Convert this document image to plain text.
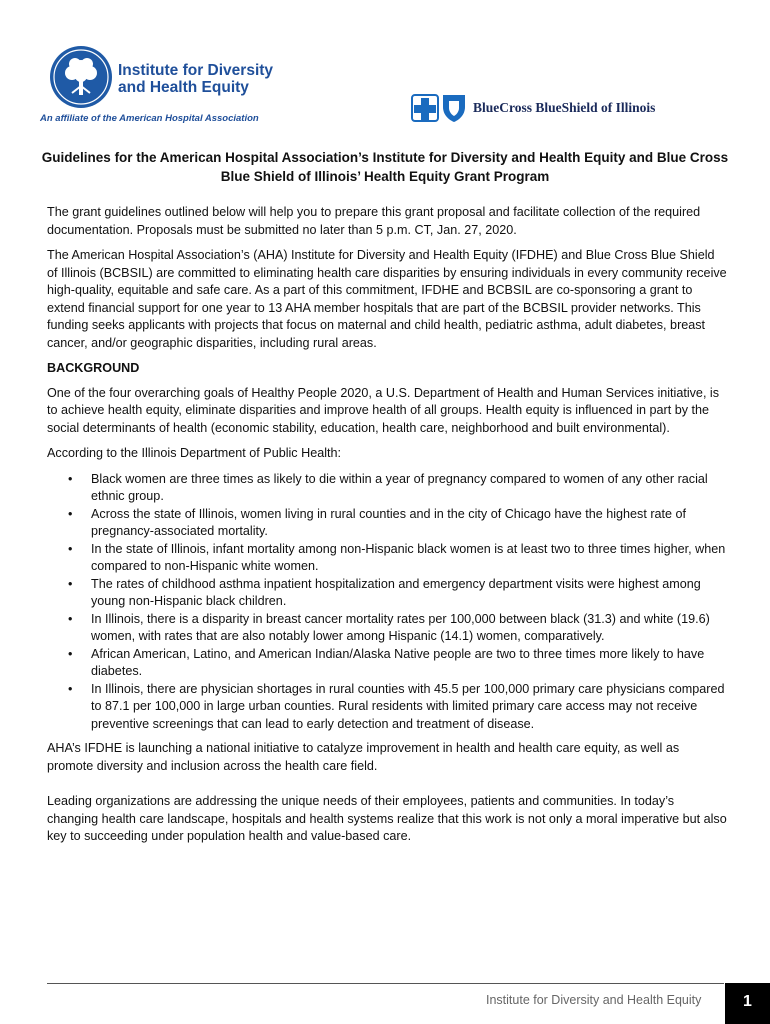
Institute for Diversity and Health Equity
An affiliate of the American Hospital Association
BlueCross BlueShield of Illinois
Guidelines for the American Hospital Association’s Institute for Diversity and Health Equity and Blue Cross Blue Shield of Illinois’ Health Equity Grant Program

The grant guidelines outlined below will help you to prepare this grant proposal and facilitate collection of the required documentation. Proposals must be submitted no later than 5 p.m. CT, Jan. 27, 2020.

The American Hospital Association’s (AHA) Institute for Diversity and Health Equity (IFDHE) and Blue Cross Blue Shield of Illinois (BCBSIL) are committed to eliminating health care disparities by ensuring individuals in every community receive high-quality, equitable and safe care. As a part of this commitment, IFDHE and BCBSIL are co-sponsoring a grant to extend financial support for one year to 13 AHA member hospitals that are part of the BCBSIL provider networks. This funding seeks applicants with projects that focus on maternal and child health, pediatric asthma, adult diabetes, breast cancer, and/or geographic disparities, including rural areas.

BACKGROUND

One of the four overarching goals of Healthy People 2020, a U.S. Department of Health and Human Services initiative, is to achieve health equity, eliminate disparities and improve health of all groups. Health equity is influenced in part by the social determinants of health (economic stability, education, health care, neighborhood and built environmental).

According to the Illinois Department of Public Health:

• Black women are three times as likely to die within a year of pregnancy compared to women of any other racial ethnic group.
• Across the state of Illinois, women living in rural counties and in the city of Chicago have the highest rate of pregnancy-associated mortality.
• In the state of Illinois, infant mortality among non-Hispanic black women is at least two to three times higher, when compared to non-Hispanic white women.
• The rates of childhood asthma inpatient hospitalization and emergency department visits were highest among young non-Hispanic black children.
• In Illinois, there is a disparity in breast cancer mortality rates per 100,000 between black (31.3) and white (19.6) women, with rates that are also notably lower among Hispanic (14.1) women, comparatively.
• African American, Latino, and American Indian/Alaska Native people are two to three times more likely to have diabetes.
• In Illinois, there are physician shortages in rural counties with 45.5 per 100,000 primary care physicians compared to 87.1 per 100,000 in large urban counties. Rural residents with limited primary care access may not receive preventive screenings that can lead to early detection and treatment of disease.

AHA’s IFDHE is launching a national initiative to catalyze improvement in health and health care equity, as well as promote diversity and inclusion across the health care field.

Leading organizations are addressing the unique needs of their employees, patients and communities. In today’s changing health care landscape, hospitals and health systems realize that this work is not only a moral imperative but also key to succeeding under population health and value-based care.

Institute for Diversity and Health Equity	1
